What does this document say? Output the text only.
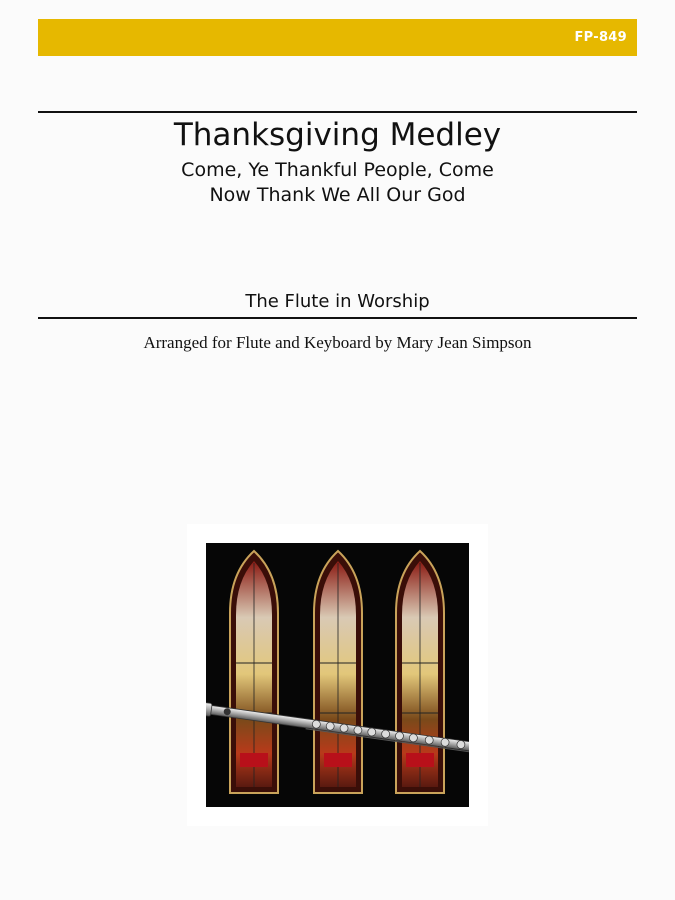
FP-849
Thanksgiving Medley
Come, Ye Thankful People, Come
Now Thank We All Our God
The Flute in Worship
Arranged for Flute and Keyboard by Mary Jean Simpson
